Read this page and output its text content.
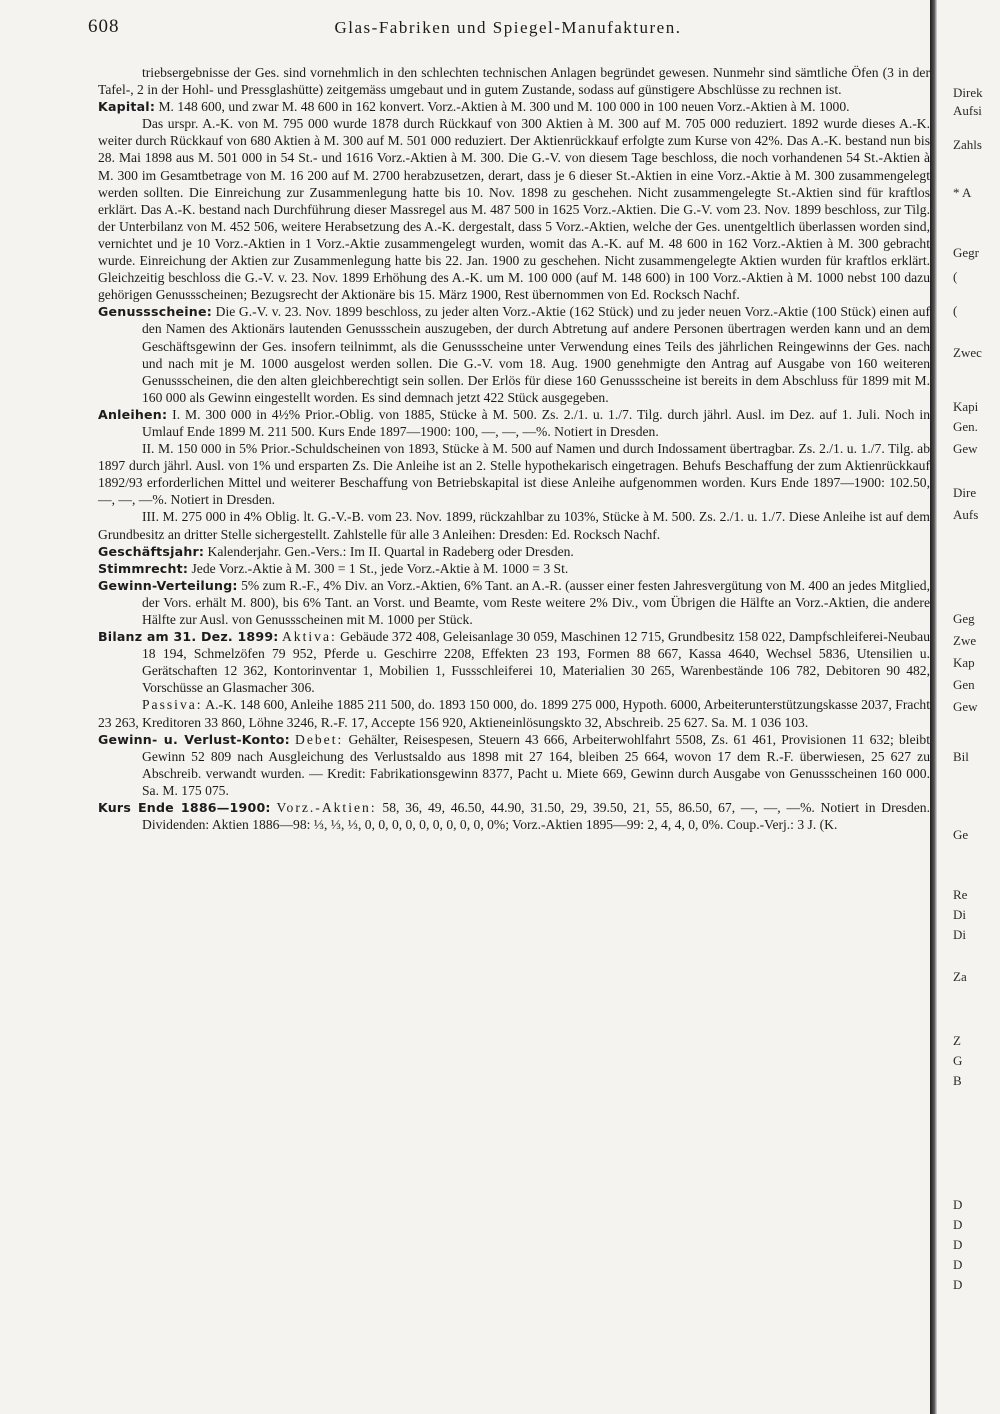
608	Glas-Fabriken und Spiegel-Manufakturen.

triebsergebnisse der Ges. sind vornehmlich in den schlechten technischen Anlagen begründet gewesen. Nunmehr sind sämtliche Öfen (3 in der Tafel-, 2 in der Hohl- und Pressglashütte) zeitgemäss umgebaut und in gutem Zustande, sodass auf günstigere Abschlüsse zu rechnen ist.

Kapital: M. 148 600, und zwar M. 48 600 in 162 konvert. Vorz.-Aktien à M. 300 und M. 100 000 in 100 neuen Vorz.-Aktien à M. 1000.

Das urspr. A.-K. von M. 795 000 wurde 1878 durch Rückkauf von 300 Aktien à M. 300 auf M. 705 000 reduziert. 1892 wurde dieses A.-K. weiter durch Rückkauf von 680 Aktien à M. 300 auf M. 501 000 reduziert. Der Aktienrückkauf erfolgte zum Kurse von 42%. Das A.-K. bestand nun bis 28. Mai 1898 aus M. 501 000 in 54 St.- und 1616 Vorz.-Aktien à M. 300. Die G.-V. von diesem Tage beschloss, die noch vorhandenen 54 St.-Aktien à M. 300 im Gesamtbetrage von M. 16 200 auf M. 2700 herabzusetzen, derart, dass je 6 dieser St.-Aktien in eine Vorz.-Aktie à M. 300 zusammengelegt werden sollten. Die Einreichung zur Zusammenlegung hatte bis 10. Nov. 1898 zu geschehen. Nicht zusammengelegte St.-Aktien sind für kraftlos erklärt. Das A.-K. bestand nach Durchführung dieser Massregel aus M. 487 500 in 1625 Vorz.-Aktien. Die G.-V. vom 23. Nov. 1899 beschloss, zur Tilg. der Unterbilanz von M. 452 506, weitere Herabsetzung des A.-K. dergestalt, dass 5 Vorz.-Aktien, welche der Ges. unentgeltlich überlassen worden sind, vernichtet und je 10 Vorz.-Aktien in 1 Vorz.-Aktie zusammengelegt wurden, womit das A.-K. auf M. 48 600 in 162 Vorz.-Aktien à M. 300 gebracht wurde. Einreichung der Aktien zur Zusammenlegung hatte bis 22. Jan. 1900 zu geschehen. Nicht zusammengelegte Aktien wurden für kraftlos erklärt. Gleichzeitig beschloss die G.-V. v. 23. Nov. 1899 Erhöhung des A.-K. um M. 100 000 (auf M. 148 600) in 100 Vorz.-Aktien à M. 1000 nebst 100 dazu gehörigen Genussscheinen; Bezugsrecht der Aktionäre bis 15. März 1900, Rest übernommen von Ed. Rocksch Nachf.

Genussscheine: Die G.-V. v. 23. Nov. 1899 beschloss, zu jeder alten Vorz.-Aktie (162 Stück) und zu jeder neuen Vorz.-Aktie (100 Stück) einen auf den Namen des Aktionärs lautenden Genussschein auszugeben, der durch Abtretung auf andere Personen übertragen werden kann und an dem Geschäftsgewinn der Ges. insofern teilnimmt, als die Genussscheine unter Verwendung eines Teils des jährlichen Reingewinns der Ges. nach und nach mit je M. 1000 ausgelost werden sollen. Die G.-V. vom 18. Aug. 1900 genehmigte den Antrag auf Ausgabe von 160 weiteren Genussscheinen, die den alten gleichberechtigt sein sollen. Der Erlös für diese 160 Genussscheine ist bereits in dem Abschluss für 1899 mit M. 160 000 als Gewinn eingestellt worden. Es sind demnach jetzt 422 Stück ausgegeben.

Anleihen: I. M. 300 000 in 4½% Prior.-Oblig. von 1885, Stücke à M. 500. Zs. 2./1. u. 1./7. Tilg. durch jährl. Ausl. im Dez. auf 1. Juli. Noch in Umlauf Ende 1899 M. 211 500. Kurs Ende 1897—1900: 100, —, —, —%. Notiert in Dresden.

II. M. 150 000 in 5% Prior.-Schuldscheinen von 1893, Stücke à M. 500 auf Namen und durch Indossament übertragbar. Zs. 2./1. u. 1./7. Tilg. ab 1897 durch jährl. Ausl. von 1% und ersparten Zs. Die Anleihe ist an 2. Stelle hypothekarisch eingetragen. Behufs Beschaffung der zum Aktienrückkauf 1892/93 erforderlichen Mittel und weiterer Beschaffung von Betriebskapital ist diese Anleihe aufgenommen worden. Kurs Ende 1897—1900: 102.50, —, —, —%. Notiert in Dresden.

III. M. 275 000 in 4% Oblig. lt. G.-V.-B. vom 23. Nov. 1899, rückzahlbar zu 103%, Stücke à M. 500. Zs. 2./1. u. 1./7. Diese Anleihe ist auf dem Grundbesitz an dritter Stelle sichergestellt. Zahlstelle für alle 3 Anleihen: Dresden: Ed. Rocksch Nachf.

Geschäftsjahr: Kalenderjahr. Gen.-Vers.: Im II. Quartal in Radeberg oder Dresden.

Stimmrecht: Jede Vorz.-Aktie à M. 300 = 1 St., jede Vorz.-Aktie à M. 1000 = 3 St.

Gewinn-Verteilung: 5% zum R.-F., 4% Div. an Vorz.-Aktien, 6% Tant. an A.-R. (ausser einer festen Jahresvergütung von M. 400 an jedes Mitglied, der Vors. erhält M. 800), bis 6% Tant. an Vorst. und Beamte, vom Reste weitere 2% Div., vom Übrigen die Hälfte an Vorz.-Aktien, die andere Hälfte zur Ausl. von Genussscheinen mit M. 1000 per Stück.

Bilanz am 31. Dez. 1899: Aktiva: Gebäude 372 408, Geleisanlage 30 059, Maschinen 12 715, Grundbesitz 158 022, Dampfschleiferei-Neubau 18 194, Schmelzöfen 79 952, Pferde u. Geschirre 2208, Effekten 23 193, Formen 88 667, Kassa 4640, Wechsel 5836, Utensilien u. Gerätschaften 12 362, Kontorinventar 1, Mobilien 1, Fussschleiferei 10, Materialien 30 265, Warenbestände 106 782, Debitoren 90 482, Vorschüsse an Glasmacher 306.

Passiva: A.-K. 148 600, Anleihe 1885 211 500, do. 1893 150 000, do. 1899 275 000, Hypoth. 6000, Arbeiterunterstützungskasse 2037, Fracht 23 263, Kreditoren 33 860, Löhne 3246, R.-F. 17, Accepte 156 920, Aktieneinlösungskto 32, Abschreib. 25 627. Sa. M. 1 036 103.

Gewinn- u. Verlust-Konto: Debet: Gehälter, Reisespesen, Steuern 43 666, Arbeiterwohlfahrt 5508, Zs. 61 461, Provisionen 11 632; bleibt Gewinn 52 809 nach Ausgleichung des Verlustsaldo aus 1898 mit 27 164, bleiben 25 664, wovon 17 dem R.-F. überwiesen, 25 627 zu Abschreib. verwandt wurden. — Kredit: Fabrikationsgewinn 8377, Pacht u. Miete 669, Gewinn durch Ausgabe von Genussscheinen 160 000. Sa. M. 175 075.

Kurs Ende 1886—1900: Vorz.-Aktien: 58, 36, 49, 46.50, 44.90, 31.50, 29, 39.50, 21, 55, 86.50, 67, —, —, —%. Notiert in Dresden. Dividenden: Aktien 1886—98: ⅓, ⅓, ⅓, 0, 0, 0, 0, 0, 0, 0, 0, 0, 0%; Vorz.-Aktien 1895—99: 2, 4, 4, 0, 0%. Coup.-Verj.: 3 J. (K.

Direk
Aufsi
Zahls
* A
Gegr
(
(
Zwec
Kapi
Gen.
Gew
Dire
Aufs
Geg
Zwe
Kap
Gen
Gew
Bil
Ge
Re
Di
Di
Za
Z
G
B
D
D
D
D
D
